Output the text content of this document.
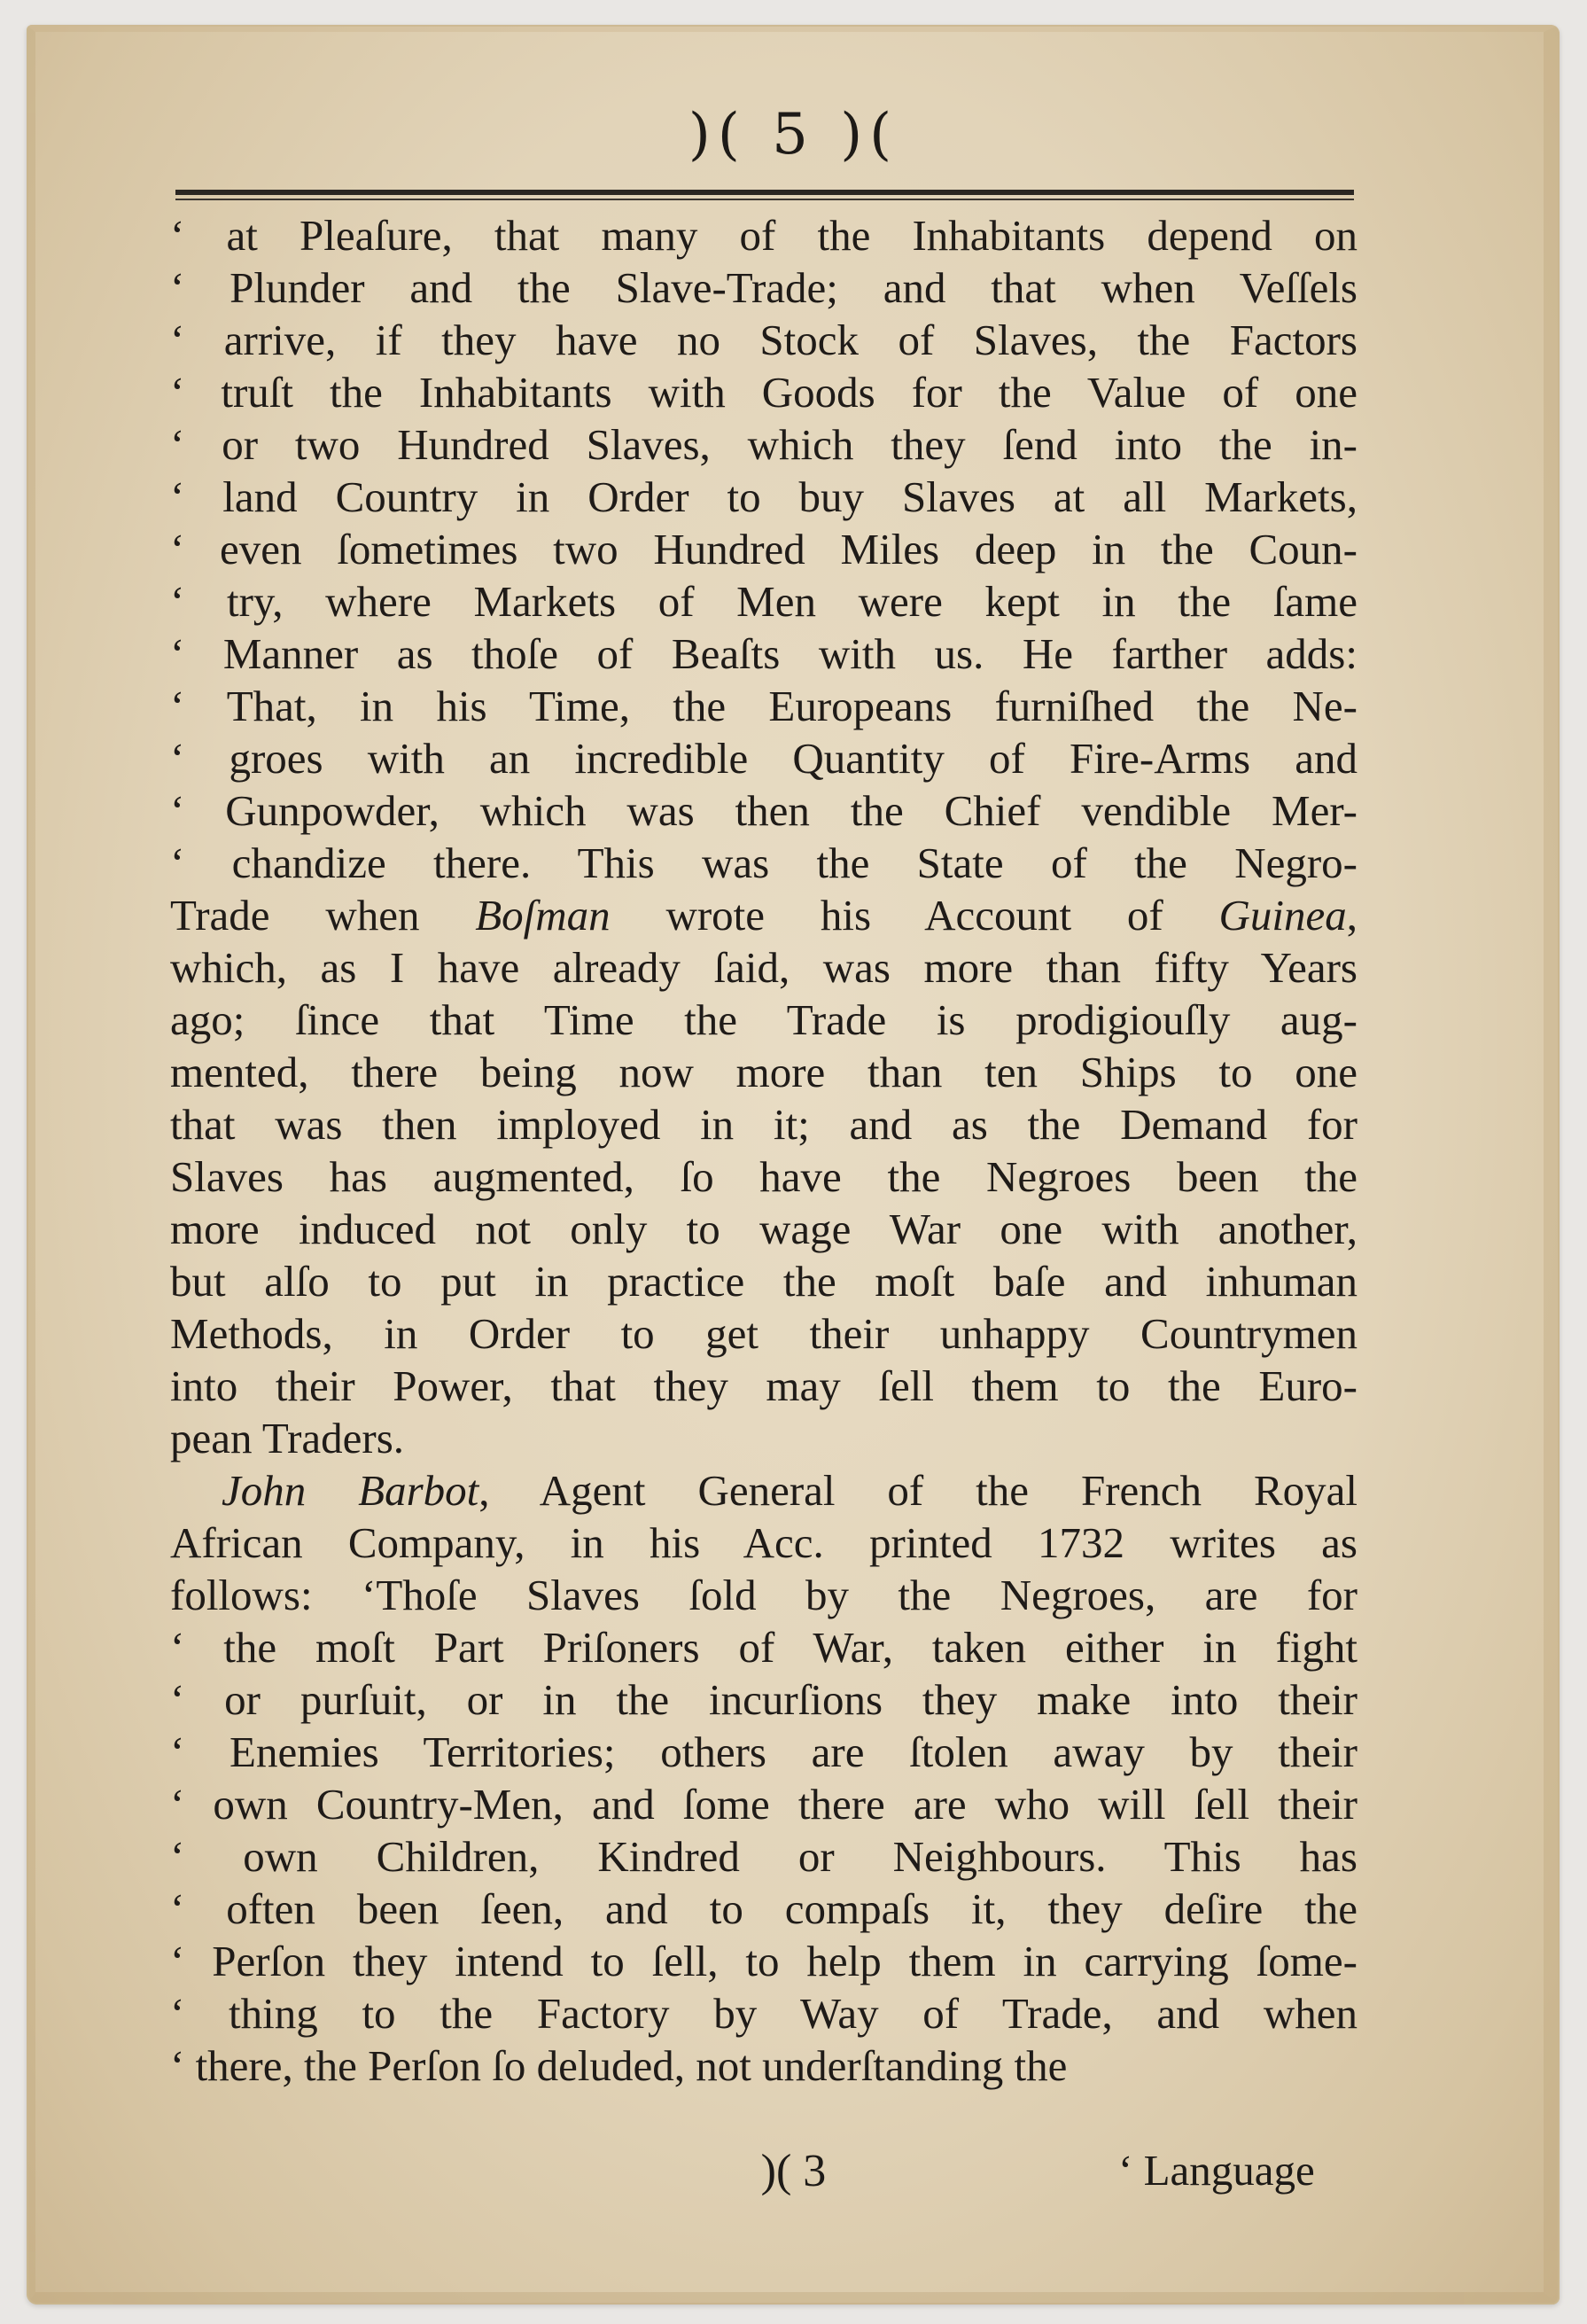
)( 5 )(
‘ at Pleaſure, that many of the Inhabitants depend on
‘ Plunder and the Slave-Trade; and that when Veſſels
‘ arrive, if they have no Stock of Slaves, the Factors
‘ truſt the Inhabitants with Goods for the Value of one
‘ or two Hundred Slaves, which they ſend into the in-
‘ land Country in Order to buy Slaves at all Markets,
‘ even ſometimes two Hundred Miles deep in the Coun-
‘ try, where Markets of Men were kept in the ſame
‘ Manner as thoſe of Beaſts with us. He farther adds:
‘ That, in his Time, the Europeans furniſhed the Ne-
‘ groes with an incredible Quantity of Fire-Arms and
‘ Gunpowder, which was then the Chief vendible Mer-
‘ chandize there. This was the State of the Negro-
Trade when Boſman wrote his Account of Guinea,
which, as I have already ſaid, was more than fifty Years
ago; ſince that Time the Trade is prodigiouſly aug-
mented, there being now more than ten Ships to one
that was then imployed in it; and as the Demand for
Slaves has augmented, ſo have the Negroes been the
more induced not only to wage War one with another,
but alſo to put in practice the moſt baſe and inhuman
Methods, in Order to get their unhappy Countrymen
into their Power, that they may ſell them to the Euro-
pean Traders.
John Barbot, Agent General of the French Royal
African Company, in his Acc. printed 1732 writes as
follows: ‘Thoſe Slaves ſold by the Negroes, are for
‘ the moſt Part Priſoners of War, taken either in fight
‘ or purſuit, or in the incurſions they make into their
‘ Enemies Territories; others are ſtolen away by their
‘ own Country-Men, and ſome there are who will ſell their
‘ own Children, Kindred or Neighbours. This has
‘ often been ſeen, and to compaſs it, they deſire the
‘ Perſon they intend to ſell, to help them in carrying ſome-
‘ thing to the Factory by Way of Trade, and when
‘ there, the Perſon ſo deluded, not underſtanding the
)( 3	‘ Language
